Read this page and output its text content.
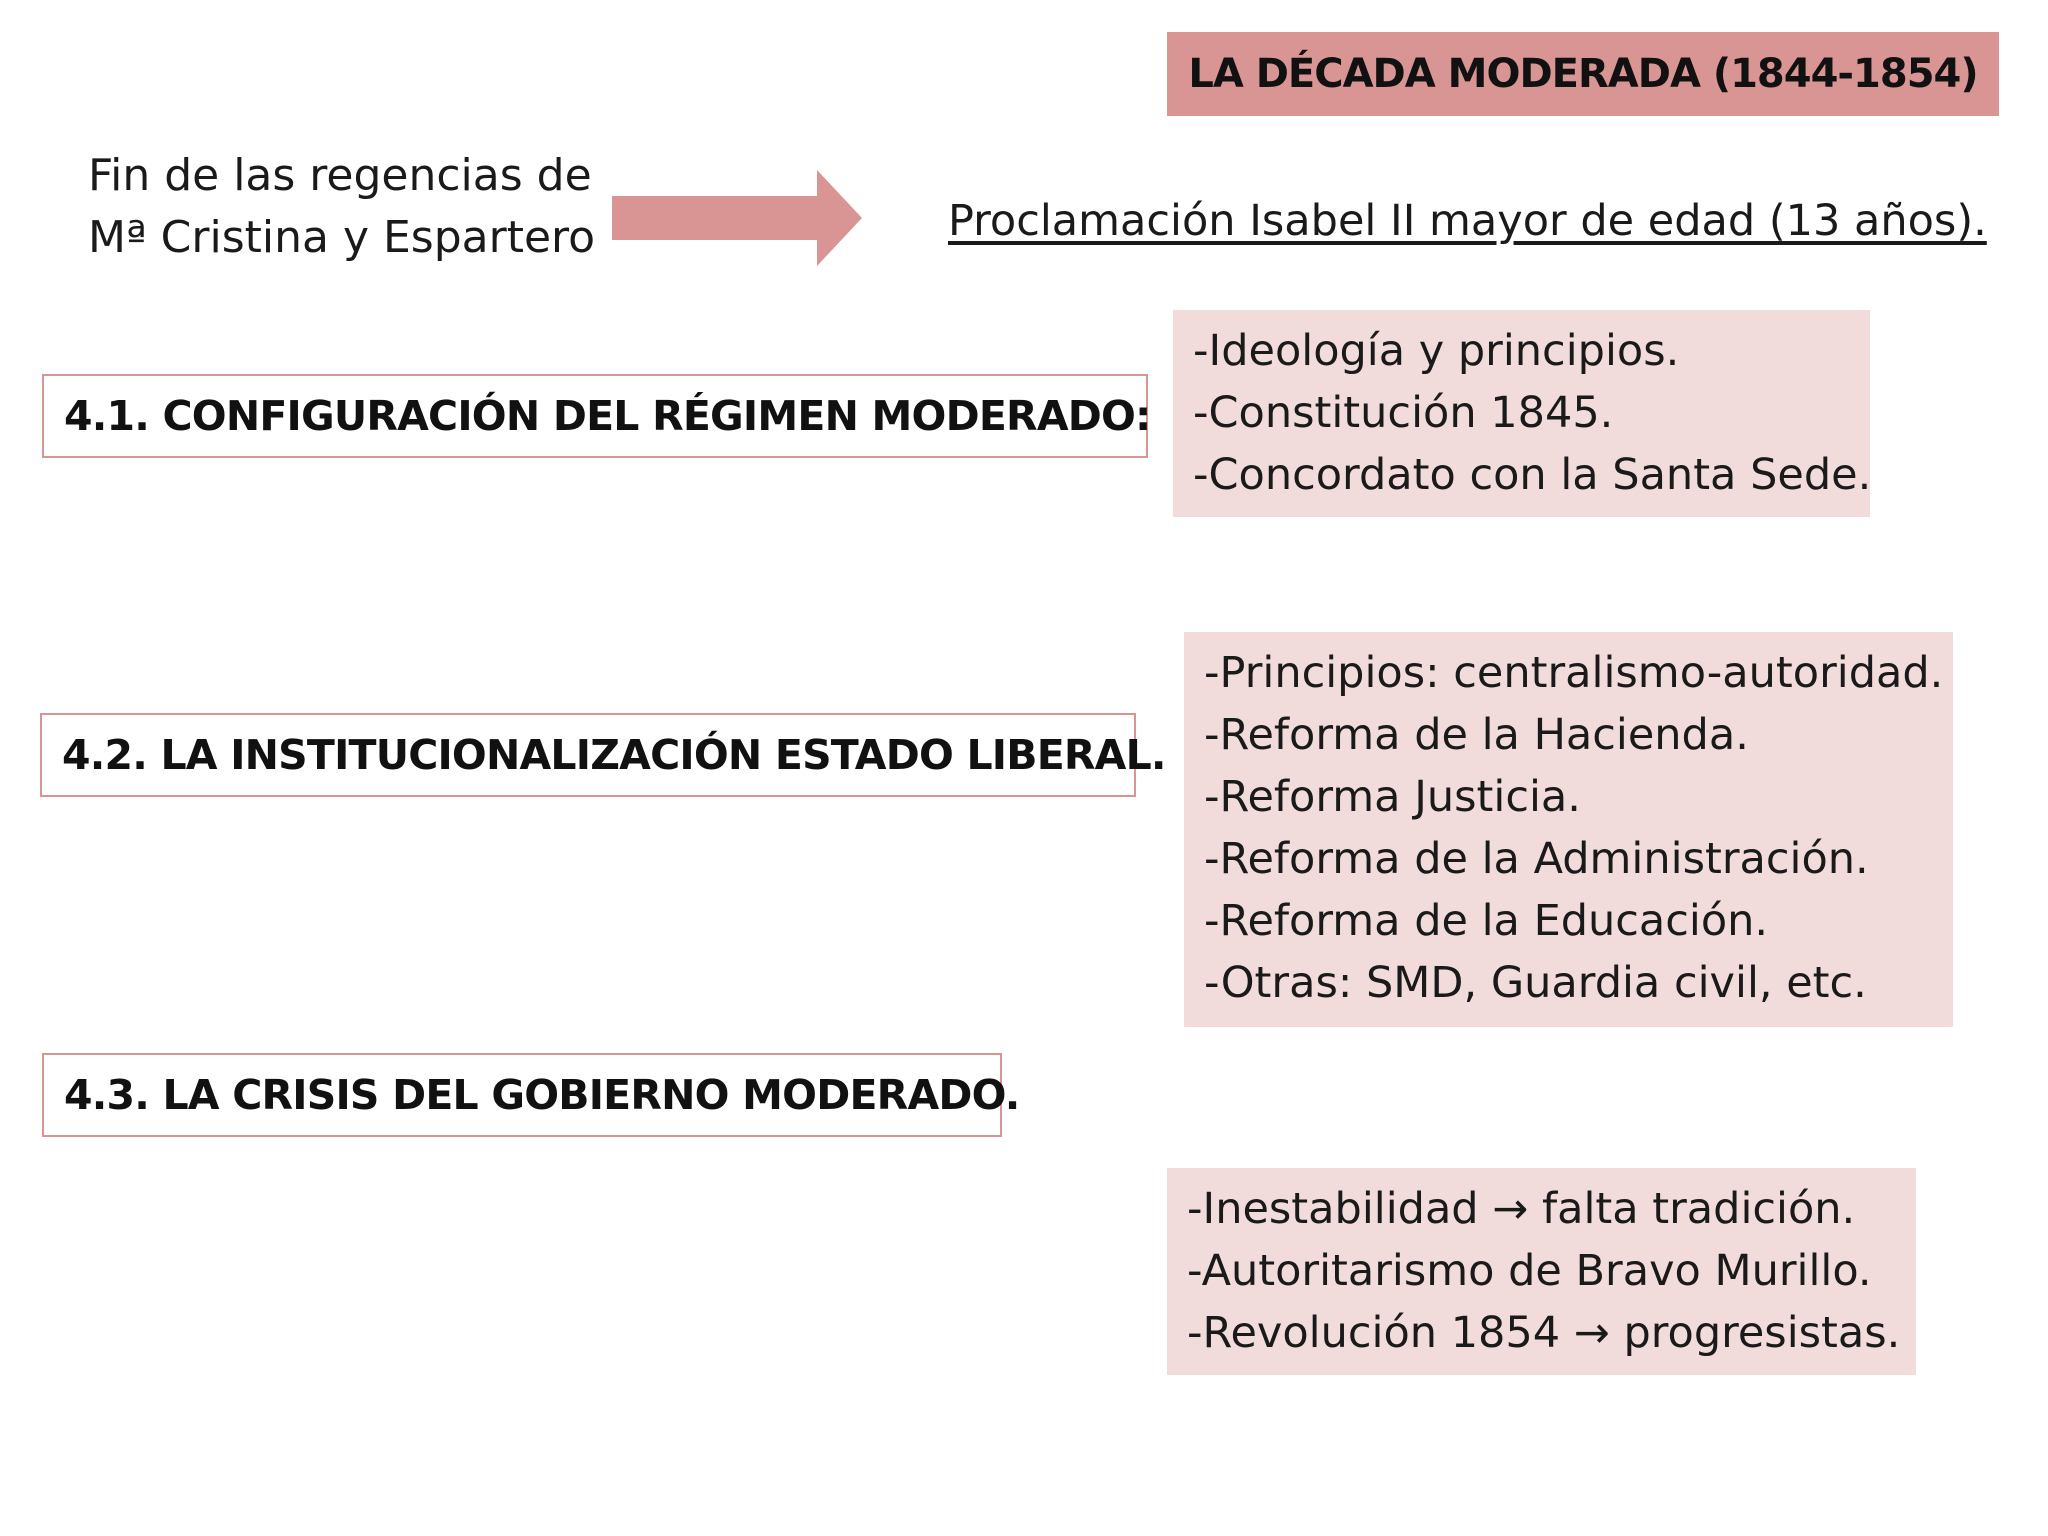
LA DÉCADA MODERADA (1844-1854)
Fin de las regencias de
Mª Cristina y Espartero	Proclamación Isabel II mayor de edad (13 años).
4.1. CONFIGURACIÓN DEL RÉGIMEN MODERADO:
-Ideología y principios.
-Constitución 1845.
-Concordato con la Santa Sede.
4.2. LA INSTITUCIONALIZACIÓN ESTADO LIBERAL.
-Principios: centralismo-autoridad.
-Reforma de la Hacienda.
-Reforma Justicia.
-Reforma de la Administración.
-Reforma de la Educación.
-Otras: SMD, Guardia civil, etc.
4.3. LA CRISIS DEL GOBIERNO MODERADO.
-Inestabilidad → falta tradición.
-Autoritarismo de Bravo Murillo.
-Revolución 1854 → progresistas.
